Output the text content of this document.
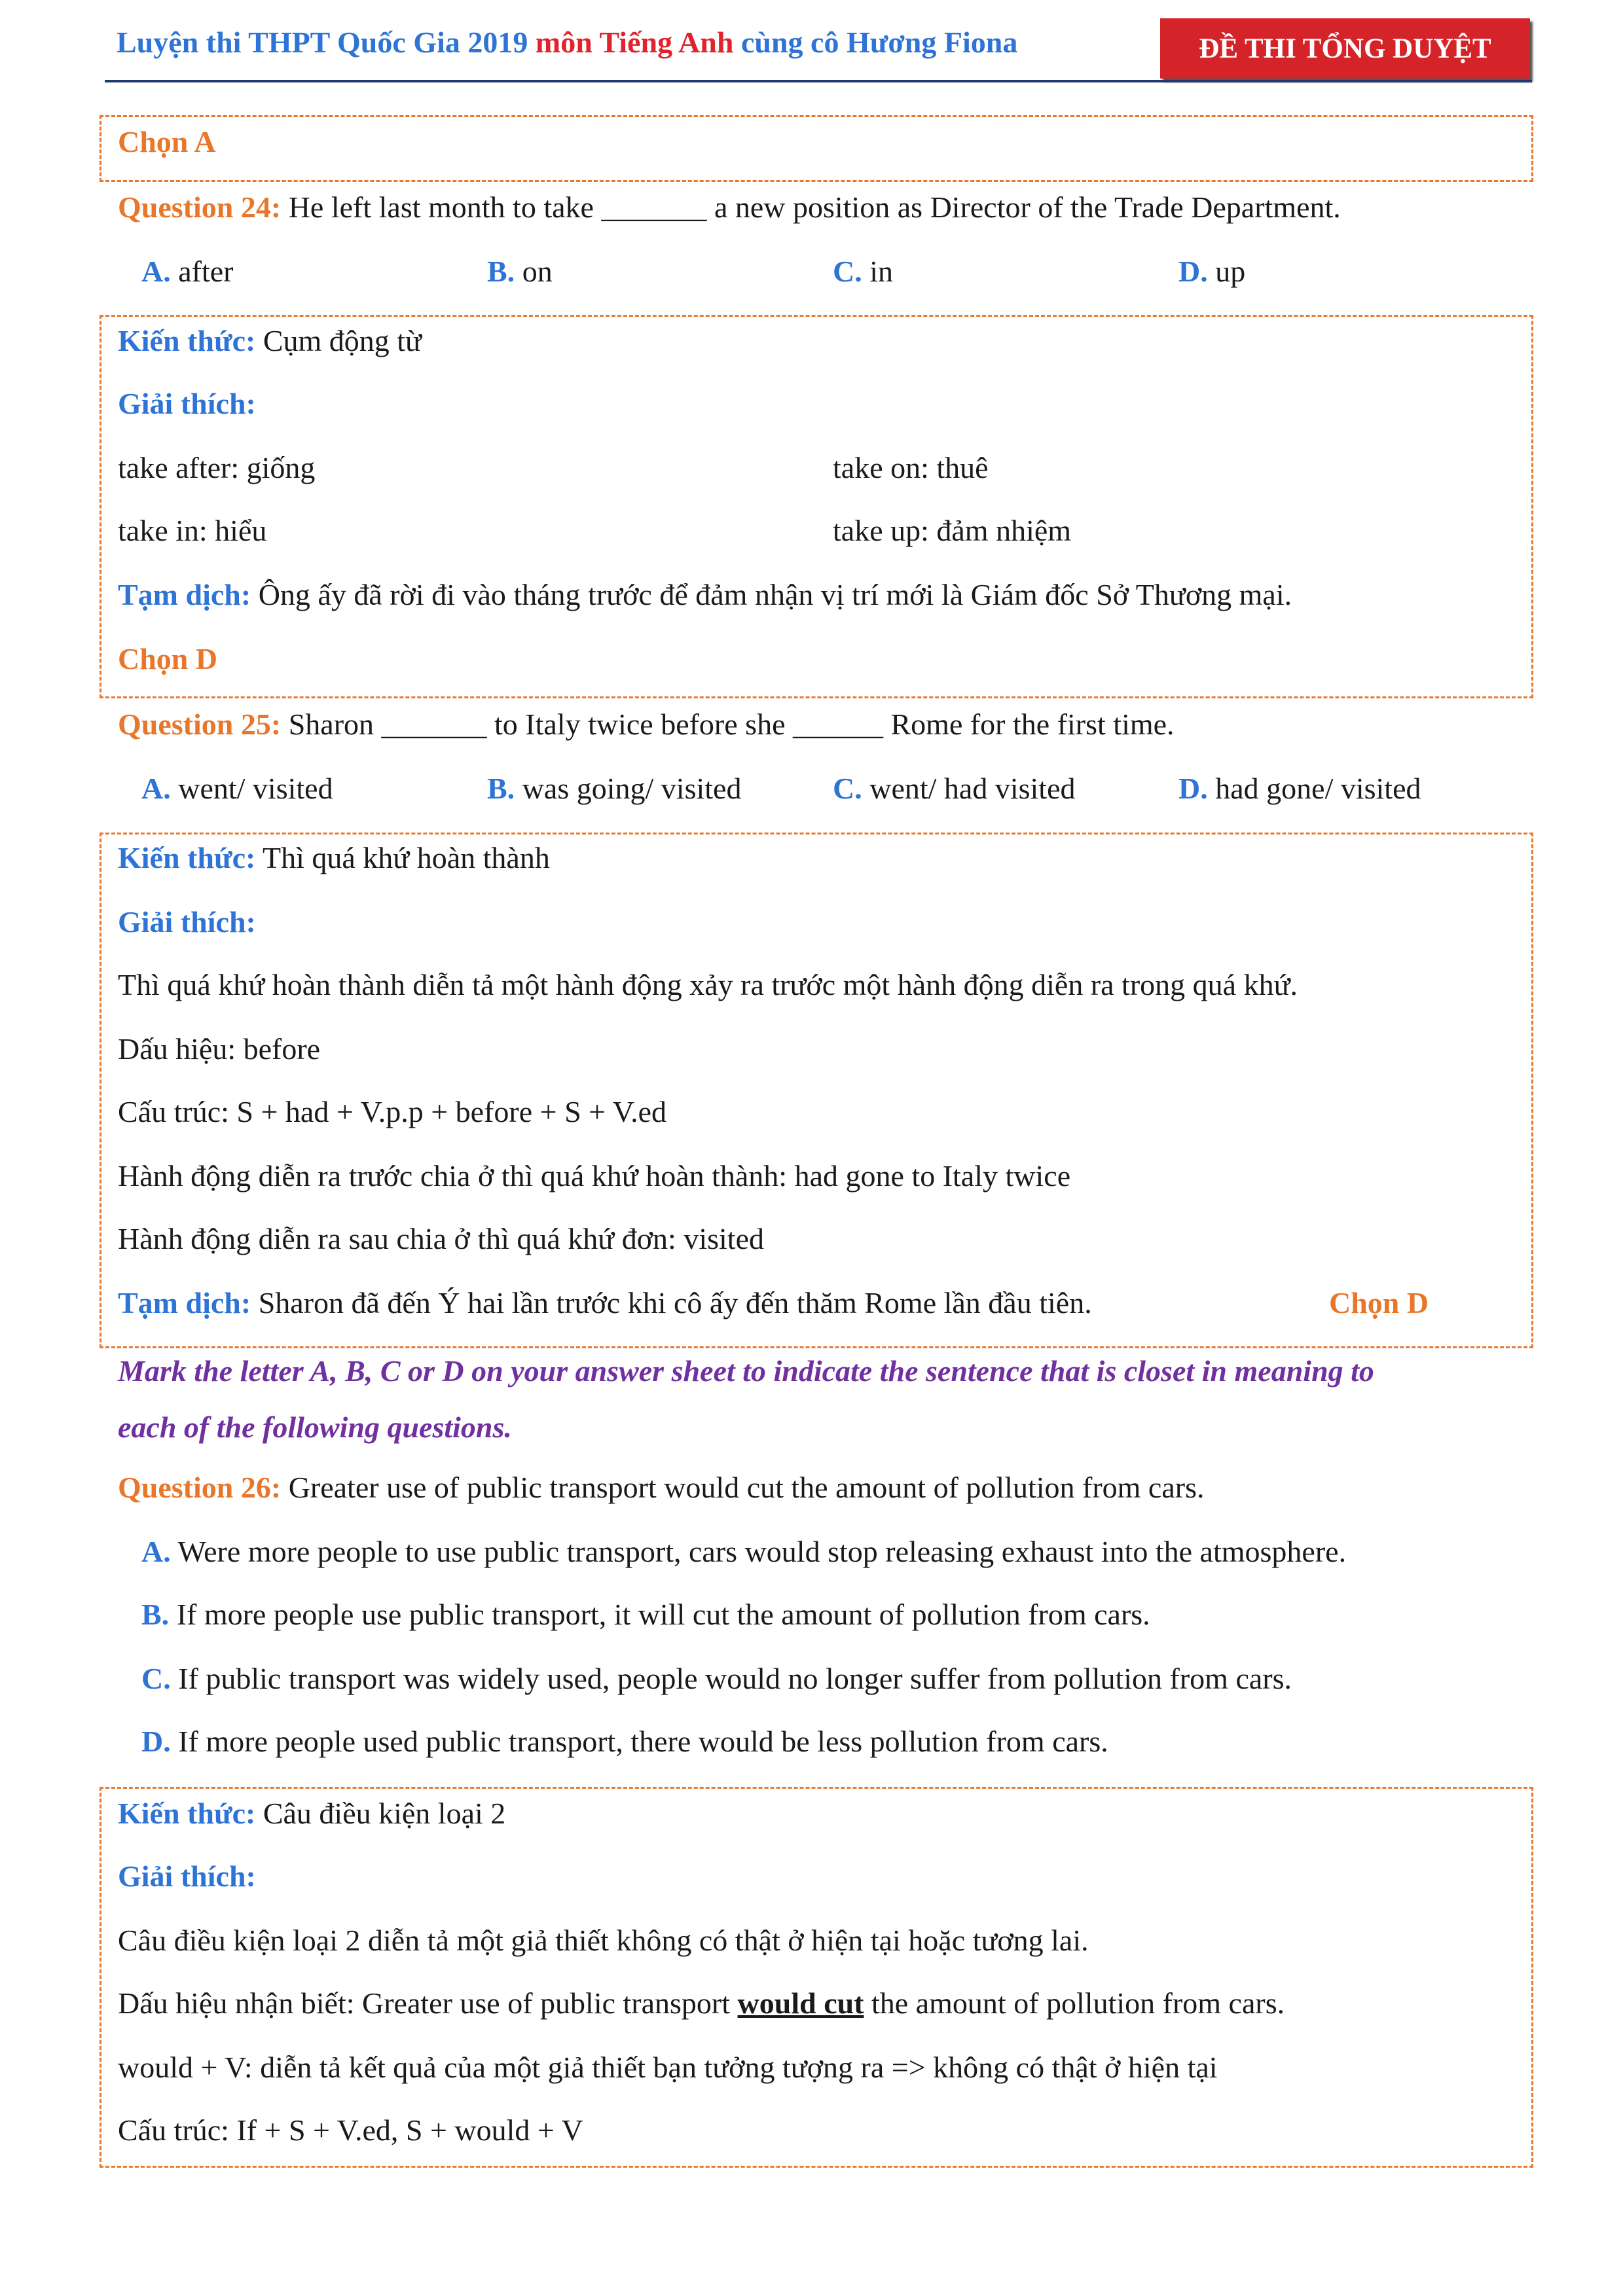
Luyện thi THPT Quốc Gia 2019 môn Tiếng Anh cùng cô Hương Fiona	ĐỀ THI TỔNG DUYỆT
Chọn A
Question 24: He left last month to take _______ a new position as Director of the Trade Department.
A. after	B. on	C. in	D. up
Kiến thức: Cụm động từ
Giải thích:
take after: giống	take on: thuê
take in: hiểu	take up: đảm nhiệm
Tạm dịch: Ông ấy đã rời đi vào tháng trước để đảm nhận vị trí mới là Giám đốc Sở Thương mại.
Chọn D
Question 25: Sharon _______ to Italy twice before she ______ Rome for the first time.
A. went/ visited	B. was going/ visited	C. went/ had visited	D. had gone/ visited
Kiến thức: Thì quá khứ hoàn thành
Giải thích:
Thì quá khứ hoàn thành diễn tả một hành động xảy ra trước một hành động diễn ra trong quá khứ.
Dấu hiệu: before
Cấu trúc: S + had + V.p.p + before + S + V.ed
Hành động diễn ra trước chia ở thì quá khứ hoàn thành: had gone to Italy twice
Hành động diễn ra sau chia ở thì quá khứ đơn: visited
Tạm dịch: Sharon đã đến Ý hai lần trước khi cô ấy đến thăm Rome lần đầu tiên.	Chọn D
Mark the letter A, B, C or D on your answer sheet to indicate the sentence that is closet in meaning to
each of the following questions.
Question 26: Greater use of public transport would cut the amount of pollution from cars.
A. Were more people to use public transport, cars would stop releasing exhaust into the atmosphere.
B. If more people use public transport, it will cut the amount of pollution from cars.
C. If public transport was widely used, people would no longer suffer from pollution from cars.
D. If more people used public transport, there would be less pollution from cars.
Kiến thức: Câu điều kiện loại 2
Giải thích:
Câu điều kiện loại 2 diễn tả một giả thiết không có thật ở hiện tại hoặc tương lai.
Dấu hiệu nhận biết: Greater use of public transport would cut the amount of pollution from cars.
would + V: diễn tả kết quả của một giả thiết bạn tưởng tượng ra => không có thật ở hiện tại
Cấu trúc: If + S + V.ed, S + would + V
